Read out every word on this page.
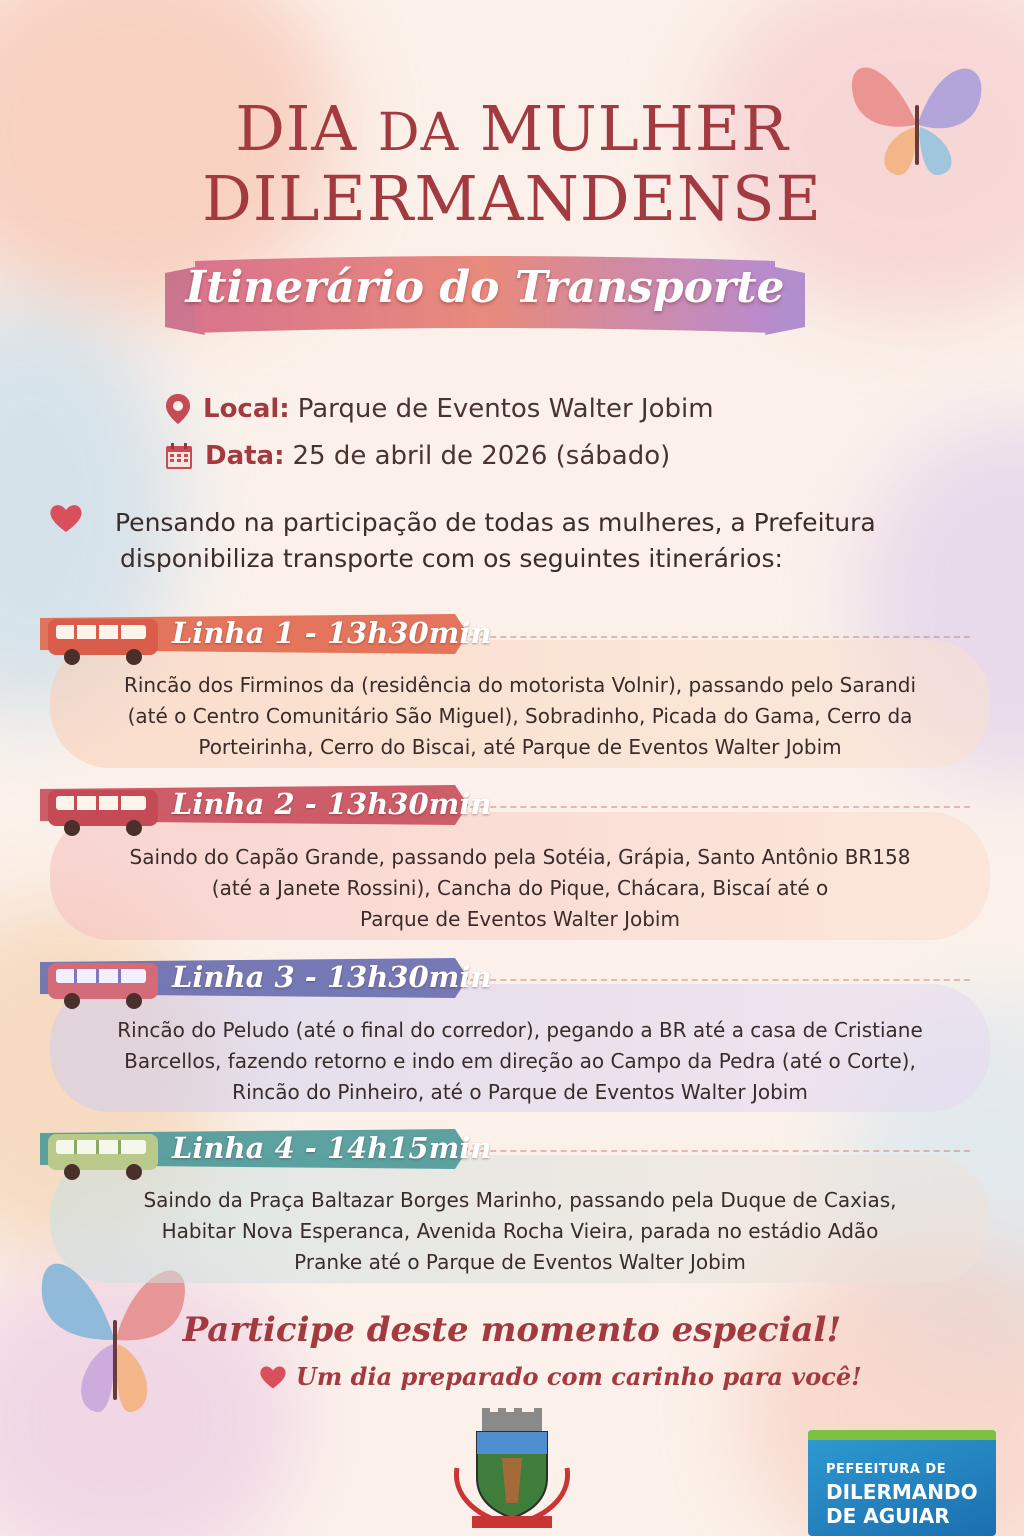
DIA DA MULHER
DILERMANDENSE
Itinerário do Transporte
Local: Parque de Eventos Walter Jobim
Data: 25 de abril de 2026 (sábado)
Pensando na participação de todas as mulheres, a Prefeitura
disponibiliza transporte com os seguintes itinerários:
Linha 1 - 13h30min
Rincão dos Firminos da (residência do motorista Volnir), passando pelo Sarandi
(até o Centro Comunitário São Miguel), Sobradinho, Picada do Gama, Cerro da
Porteirinha, Cerro do Biscai, até Parque de Eventos Walter Jobim
Linha 2 - 13h30min
Saindo do Capão Grande, passando pela Sotéia, Grápia, Santo Antônio BR158
(até a Janete Rossini), Cancha do Pique, Chácara, Biscaí até o
Parque de Eventos Walter Jobim
Linha 3 - 13h30min
Rincão do Peludo (até o final do corredor), pegando a BR até a casa de Cristiane
Barcellos, fazendo retorno e indo em direção ao Campo da Pedra (até o Corte),
Rincão do Pinheiro, até o Parque de Eventos Walter Jobim
Linha 4 - 14h15min
Saindo da Praça Baltazar Borges Marinho, passando pela Duque de Caxias,
Habitar Nova Esperanca, Avenida Rocha Vieira, parada no estádio Adão
Pranke até o Parque de Eventos Walter Jobim
Participe deste momento especial!
Um dia preparado com carinho para você!
PEFEEITURA DE
DILERMANDO
DE AGUIAR
